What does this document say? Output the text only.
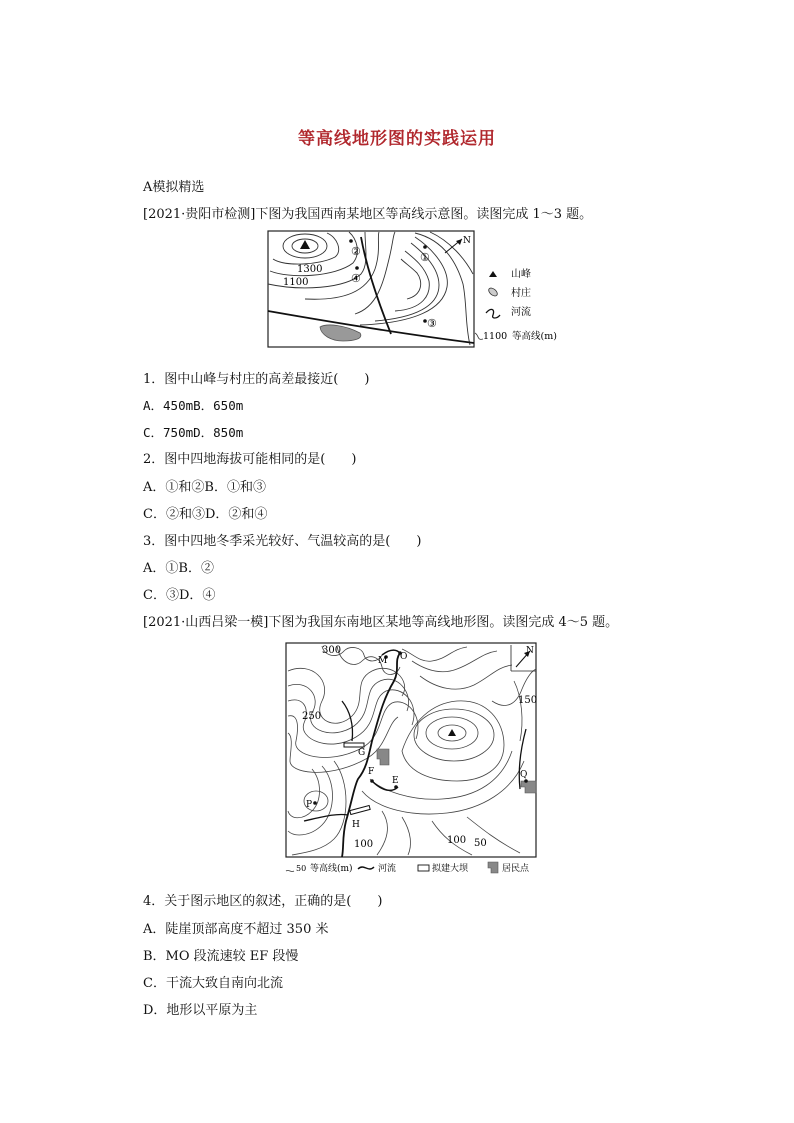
等高线地形图的实践运用
A模拟精选
[2021·贵阳市检测]下图为我国西南某地区等高线示意图。读图完成 1～3 题。
1300
1100
②
④
①
③
N
山峰
村庄
河流
1100 等高线(m)
1．图中山峰与村庄的高差最接近(　　)
A．450mB．650m
C．750mD．850m
2．图中四地海拔可能相同的是(　　)
A．①和②B．①和③
C．②和③D．②和④
3．图中四地冬季采光较好、气温较高的是(　　)
A．①B．②
C．③D．④
[2021·山西吕梁一模]下图为我国东南地区某地等高线地形图。读图完成 4～5 题。
300
250
150
100	100 50
M O
G
F
E
P
Q
H
N
50 等高线(m)	河流	拟建大坝	居民点
4．关于图示地区的叙述，正确的是(　　)
A．陡崖顶部高度不超过 350 米
B．MO 段流速较 EF 段慢
C．干流大致自南向北流
D．地形以平原为主
